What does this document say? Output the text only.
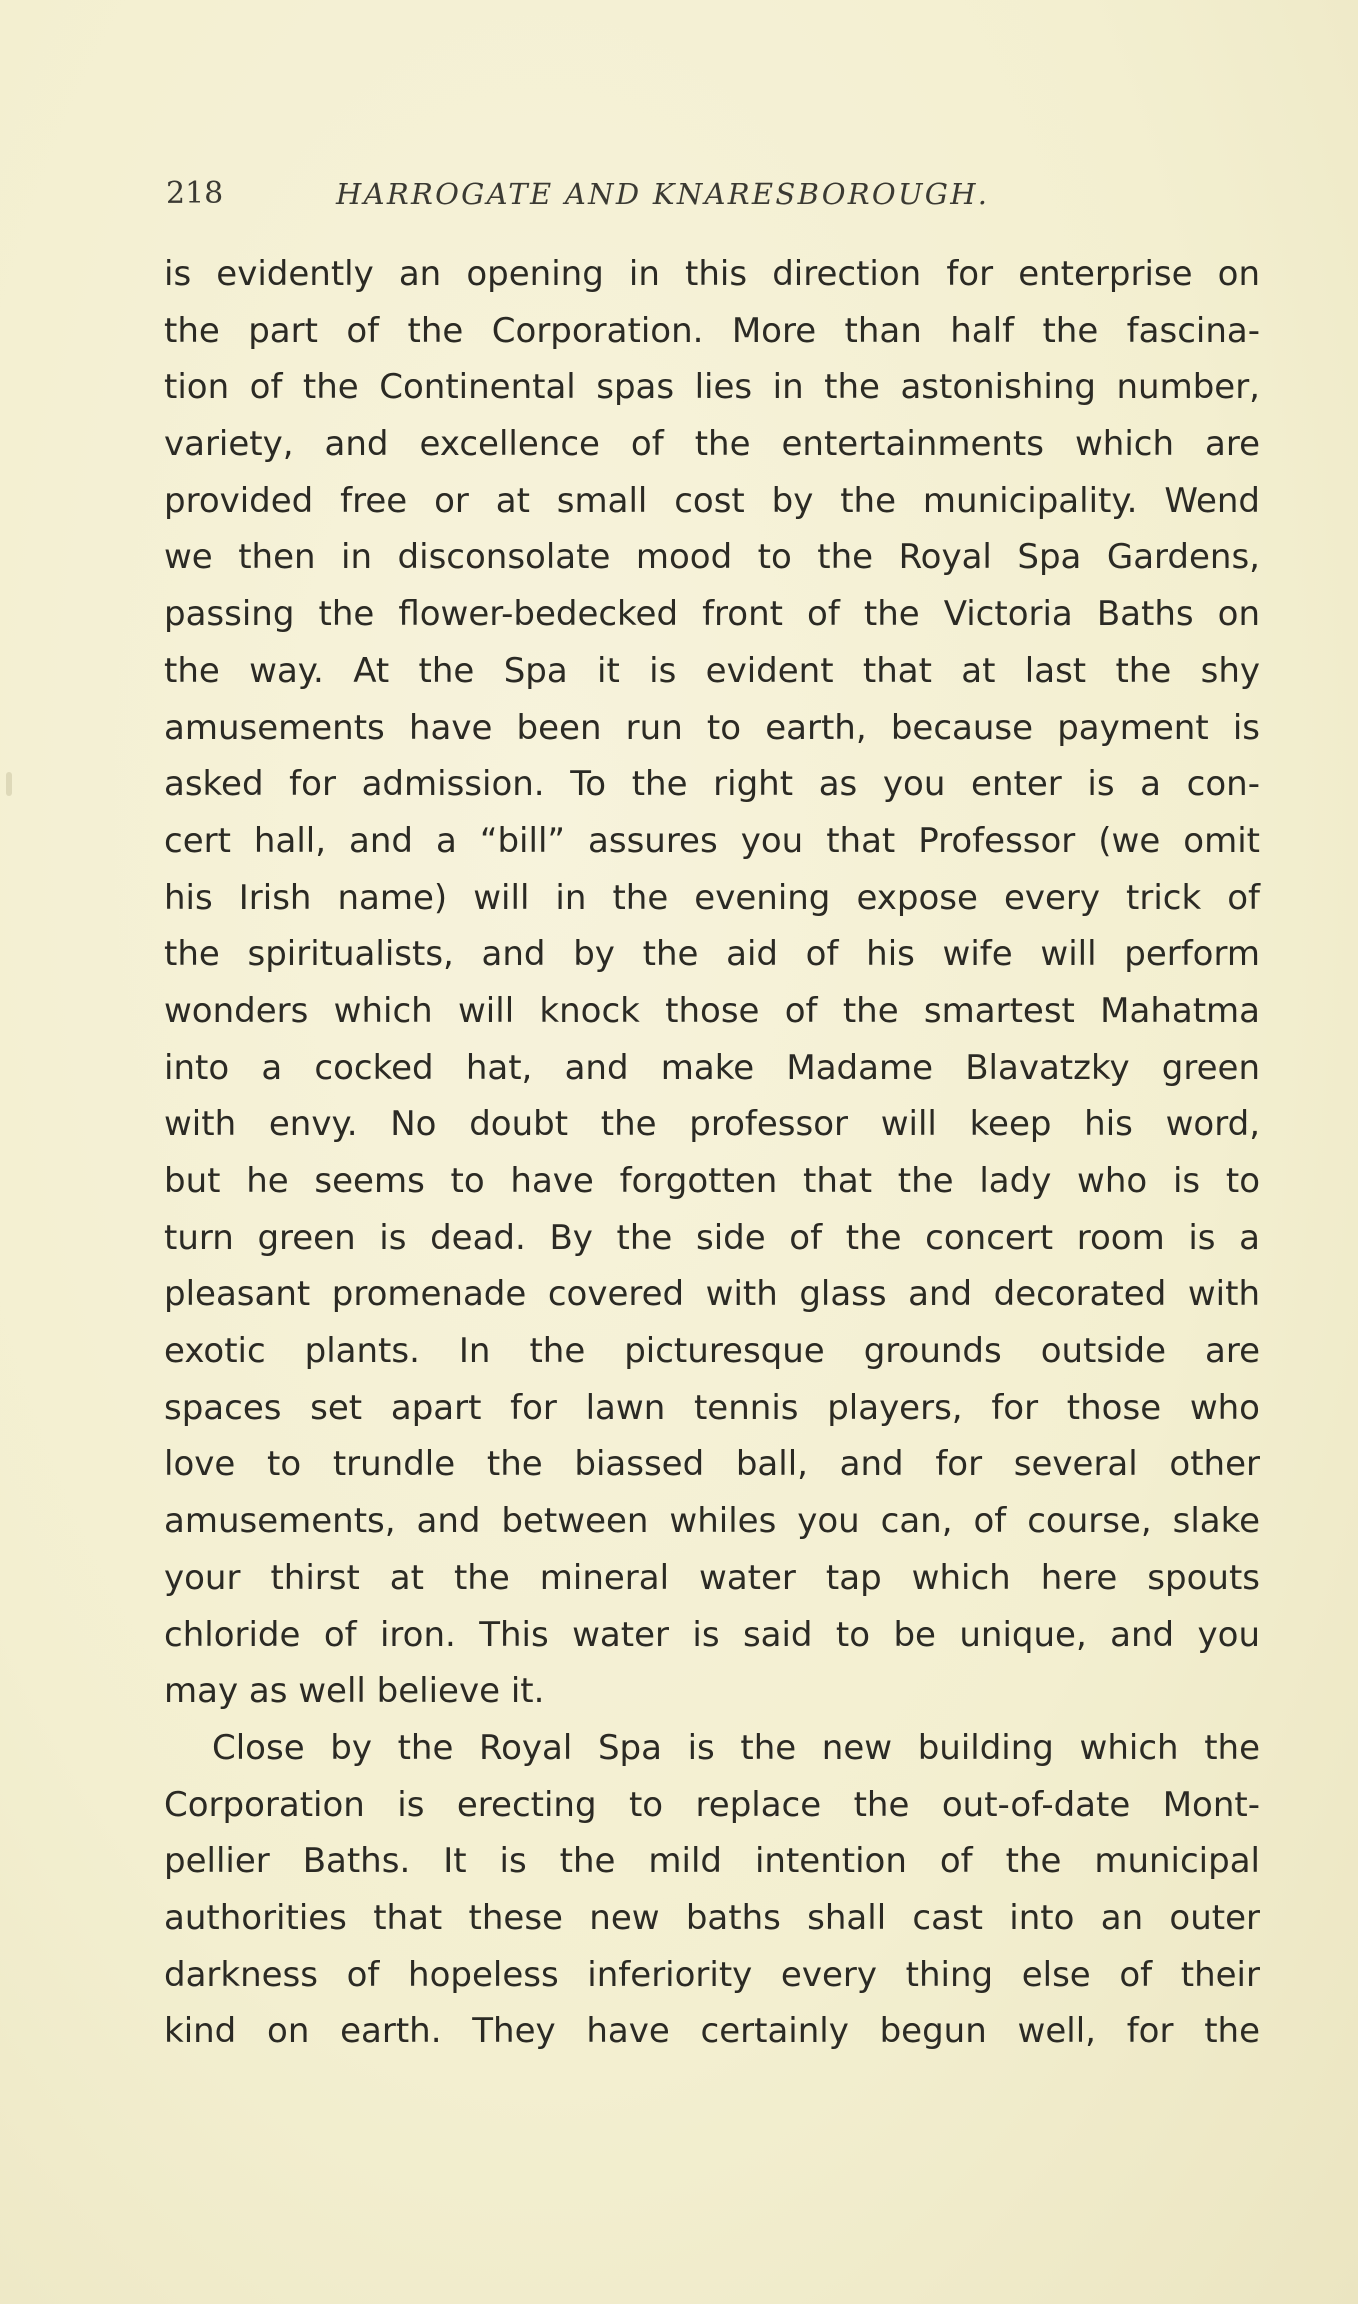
218	HARROGATE AND KNARESBOROUGH.
is evidently an opening in this direction for enterprise on
the part of the Corporation. More than half the fascina-
tion of the Continental spas lies in the astonishing number,
variety, and excellence of the entertainments which are
provided free or at small cost by the municipality. Wend
we then in disconsolate mood to the Royal Spa Gardens,
passing the flower-bedecked front of the Victoria Baths on
the way. At the Spa it is evident that at last the shy
amusements have been run to earth, because payment is
asked for admission. To the right as you enter is a con-
cert hall, and a “bill” assures you that Professor (we omit
his Irish name) will in the evening expose every trick of
the spiritualists, and by the aid of his wife will perform
wonders which will knock those of the smartest Mahatma
into a cocked hat, and make Madame Blavatzky green
with envy. No doubt the professor will keep his word,
but he seems to have forgotten that the lady who is to
turn green is dead. By the side of the concert room is a
pleasant promenade covered with glass and decorated with
exotic plants. In the picturesque grounds outside are
spaces set apart for lawn tennis players, for those who
love to trundle the biassed ball, and for several other
amusements, and between whiles you can, of course, slake
your thirst at the mineral water tap which here spouts
chloride of iron. This water is said to be unique, and you
may as well believe it.
Close by the Royal Spa is the new building which the
Corporation is erecting to replace the out-of-date Mont-
pellier Baths. It is the mild intention of the municipal
authorities that these new baths shall cast into an outer
darkness of hopeless inferiority every thing else of their
kind on earth. They have certainly begun well, for the
